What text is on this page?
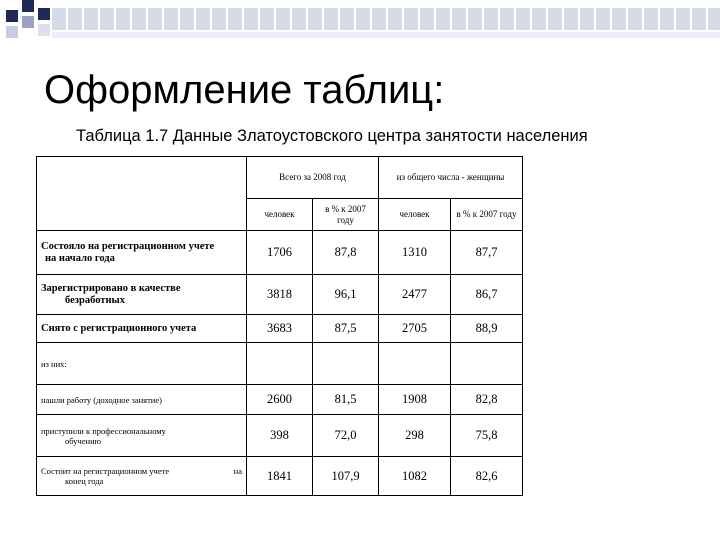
Оформление таблиц:
Таблица 1.7 Данные Златоустовского центра занятости населения
	Всего за 2008 год		из общего числа - женщины	
	человек	в % к 2007 году	человек	в % к 2007 году
Состояло на регистрационном учете
на начало года	1706	87,8	1310	87,7
Зарегистрировано в качестве

безработных	3818	96,1	2477	86,7
Снято с регистрационного учета	3683	87,5	2705	88,9
из них:				
нашли работу (доходное занятие)	2600	81,5	1908	82,8
приступили к профессиональному

обучению	398	72,0	298	75,8
Состоит на регистрационном учете на

конец года	1841	107,9	1082	82,6
